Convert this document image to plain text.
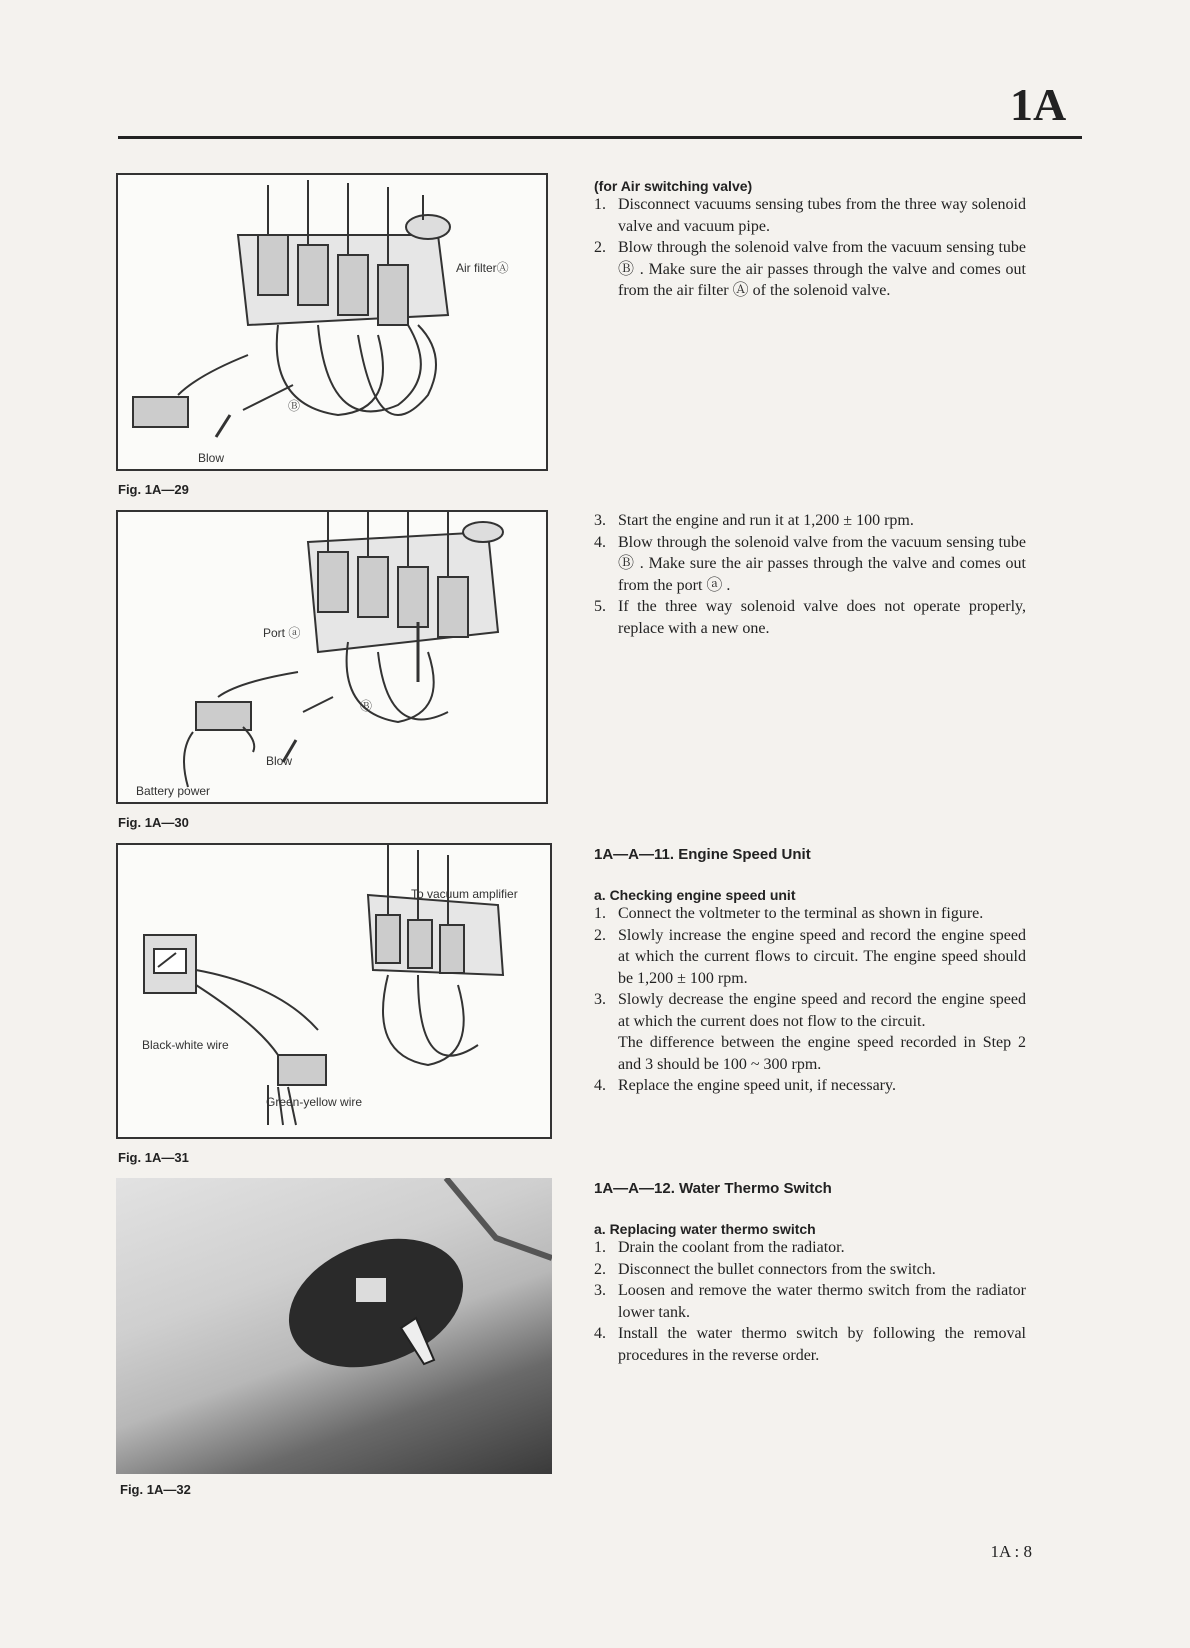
1A
Air filterⒶ
Ⓑ
Blow
Fig. 1A—29
Port ⓐ
Ⓑ
Blow
Battery power
Fig. 1A—30
To vacuum amplifier
Black-white wire
Green-yellow wire
Fig. 1A—31
Fig. 1A—32
(for Air switching valve)
1. Disconnect vacuums sensing tubes from the three way solenoid valve and vacuum pipe.
2. Blow through the solenoid valve from the vacuum sensing tube Ⓑ . Make sure the air passes through the valve and comes out from the air filter Ⓐ of the solenoid valve.
3. Start the engine and run it at 1,200 ± 100 rpm.
4. Blow through the solenoid valve from the vacuum sensing tube Ⓑ . Make sure the air passes through the valve and comes out from the port ⓐ .
5. If the three way solenoid valve does not operate properly, replace with a new one.
1A—A—11. Engine Speed Unit
a. Checking engine speed unit
1. Connect the voltmeter to the terminal as shown in figure.
2. Slowly increase the engine speed and record the engine speed at which the current flows to circuit. The engine speed should be 1,200 ± 100 rpm.
3. Slowly decrease the engine speed and record the engine speed at which the current does not flow to the circuit.
The difference between the engine speed recorded in Step 2 and 3 should be 100 ~ 300 rpm.
4. Replace the engine speed unit, if necessary.
1A—A—12. Water Thermo Switch
a. Replacing water thermo switch
1. Drain the coolant from the radiator.
2. Disconnect the bullet connectors from the switch.
3. Loosen and remove the water thermo switch from the radiator lower tank.
4. Install the water thermo switch by following the removal procedures in the reverse order.
1A : 8
